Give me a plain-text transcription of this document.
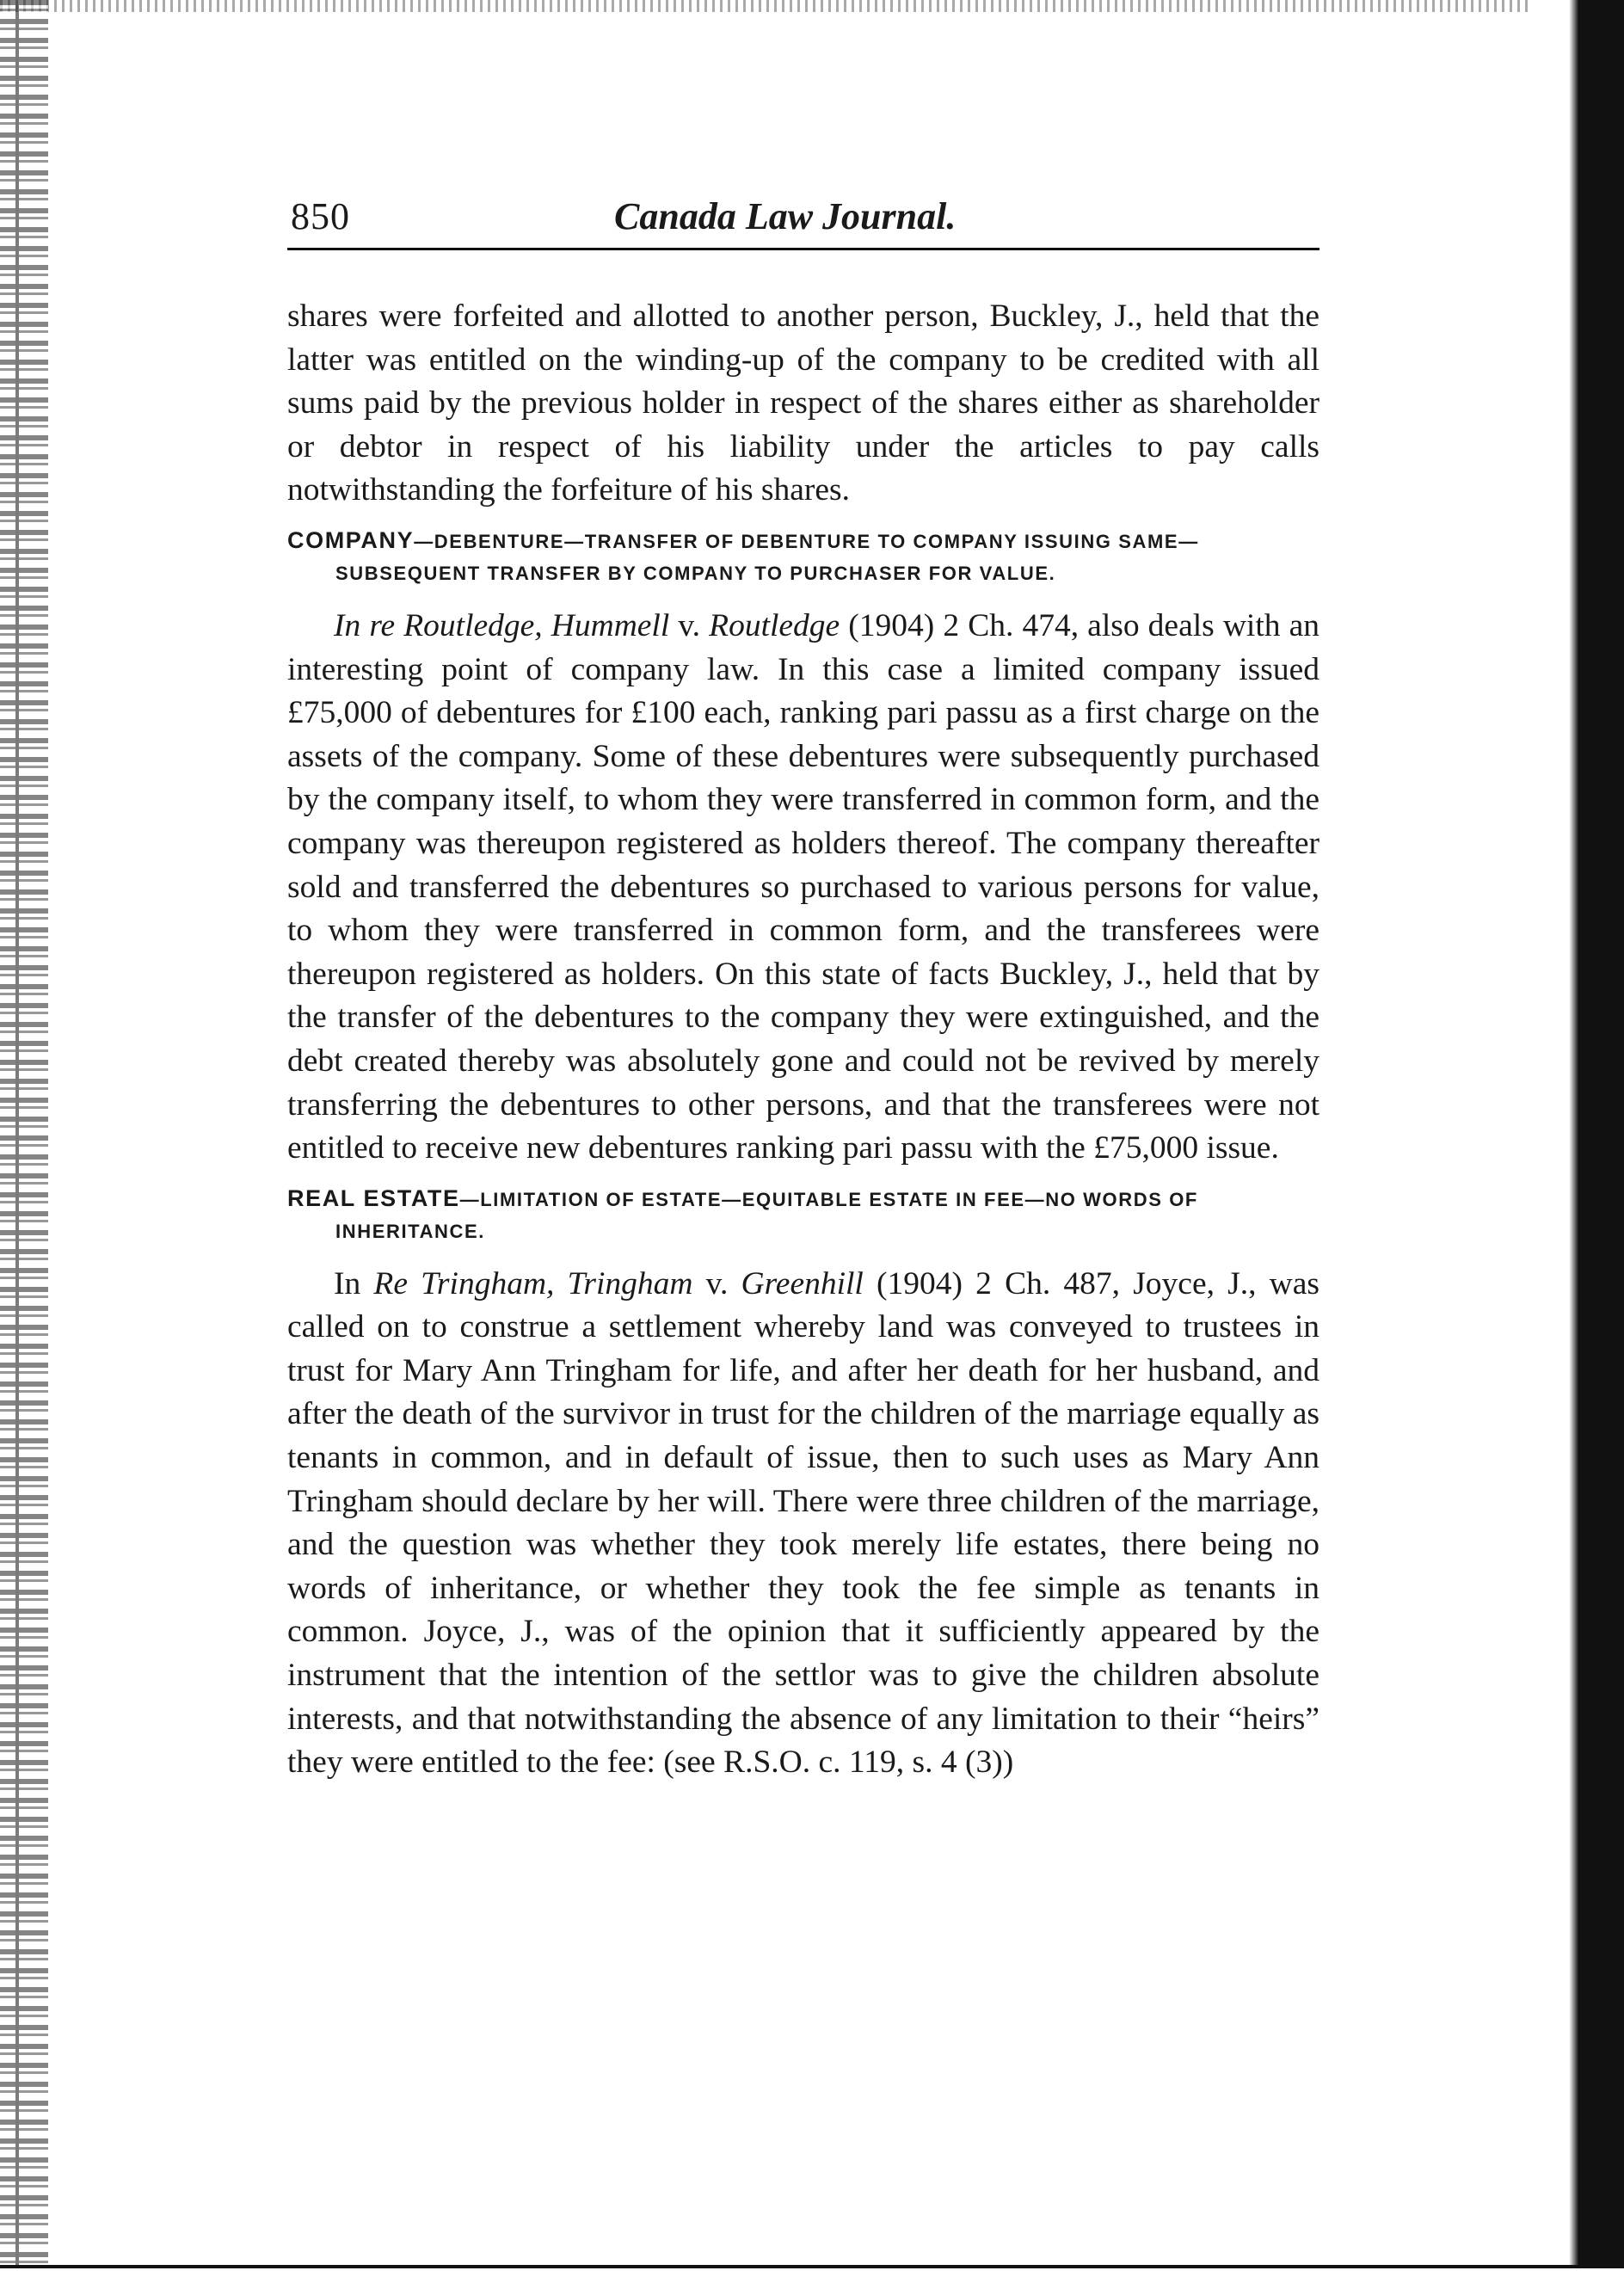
850	Canada Law Journal.

shares were forfeited and allotted to another person, Buckley, J., held that the latter was entitled on the winding-up of the company to be credited with all sums paid by the previous holder in respect of the shares either as shareholder or debtor in respect of his liability under the articles to pay calls notwithstanding the forfeiture of his shares.

COMPANY—DEBENTURE—TRANSFER OF DEBENTURE TO COMPANY ISSUING SAME—SUBSEQUENT TRANSFER BY COMPANY TO PURCHASER FOR VALUE.

In re Routledge, Hummell v. Routledge (1904) 2 Ch. 474, also deals with an interesting point of company law. In this case a limited company issued £75,000 of debentures for £100 each, ranking pari passu as a first charge on the assets of the company. Some of these debentures were subsequently purchased by the company itself, to whom they were transferred in common form, and the company was thereupon registered as holders thereof. The company thereafter sold and transferred the debentures so purchased to various persons for value, to whom they were transferred in common form, and the transferees were thereupon registered as holders. On this state of facts Buckley, J., held that by the transfer of the debentures to the company they were extinguished, and the debt created thereby was absolutely gone and could not be revived by merely transferring the debentures to other persons, and that the transferees were not entitled to receive new debentures ranking pari passu with the £75,000 issue.

REAL ESTATE—LIMITATION OF ESTATE—EQUITABLE ESTATE IN FEE—NO WORDS OF INHERITANCE.

In Re Tringham, Tringham v. Greenhill (1904) 2 Ch. 487, Joyce, J., was called on to construe a settlement whereby land was conveyed to trustees in trust for Mary Ann Tringham for life, and after her death for her husband, and after the death of the survivor in trust for the children of the marriage equally as tenants in common, and in default of issue, then to such uses as Mary Ann Tringham should declare by her will. There were three children of the marriage, and the question was whether they took merely life estates, there being no words of inheritance, or whether they took the fee simple as tenants in common. Joyce, J., was of the opinion that it sufficiently appeared by the instrument that the intention of the settlor was to give the children absolute interests, and that notwithstanding the absence of any limitation to their “heirs” they were entitled to the fee: (see R.S.O. c. 119, s. 4 (3))
